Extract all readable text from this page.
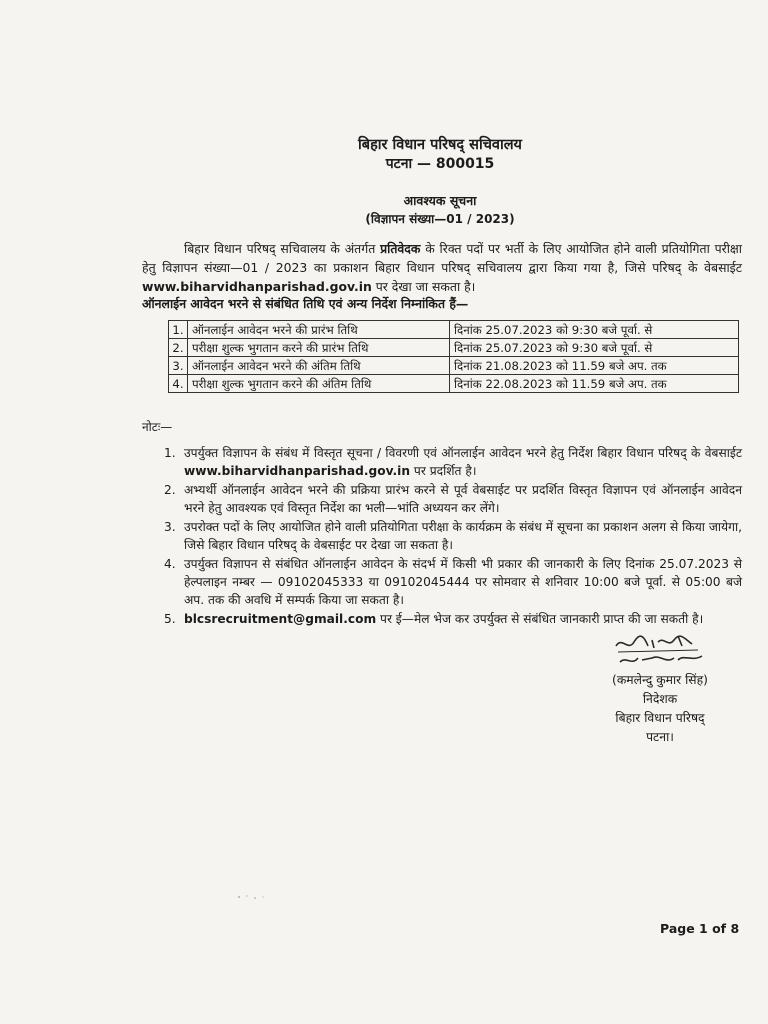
बिहार विधान परिषद् सचिवालय
पटना — 800015
आवश्यक सूचना
(विज्ञापन संख्या—01 / 2023)
बिहार विधान परिषद् सचिवालय के अंतर्गत प्रतिवेदक के रिक्त पदों पर भर्ती के लिए आयोजित होने वाली प्रतियोगिता परीक्षा हेतु विज्ञापन संख्या—01 / 2023 का प्रकाशन बिहार विधान परिषद् सचिवालय द्वारा किया गया है, जिसे परिषद् के वेबसाईट www.biharvidhanparishad.gov.in पर देखा जा सकता है।
ऑनलाईन आवेदन भरने से संबंधित तिथि एवं अन्य निर्देश निम्नांकित हैं—
1.	ऑनलाईन आवेदन भरने की प्रारंभ तिथि	दिनांक 25.07.2023 को 9:30 बजे पूर्वा. से
2.	परीक्षा शुल्क भुगतान करने की प्रारंभ तिथि	दिनांक 25.07.2023 को 9:30 बजे पूर्वा. से
3.	ऑनलाईन आवेदन भरने की अंतिम तिथि	दिनांक 21.08.2023 को 11.59 बजे अप. तक
4.	परीक्षा शुल्क भुगतान करने की अंतिम तिथि	दिनांक 22.08.2023 को 11.59 बजे अप. तक
नोटः—
1. उपर्युक्त विज्ञापन के संबंध में विस्तृत सूचना / विवरणी एवं ऑनलाईन आवेदन भरने हेतु निर्देश बिहार विधान परिषद् के वेबसाईट www.biharvidhanparishad.gov.in पर प्रदर्शित है।
2. अभ्यर्थी ऑनलाईन आवेदन भरने की प्रक्रिया प्रारंभ करने से पूर्व वेबसाईट पर प्रदर्शित विस्तृत विज्ञापन एवं ऑनलाईन आवेदन भरने हेतु आवश्यक एवं विस्तृत निर्देश का भली—भांति अध्ययन कर लेंगे।
3. उपरोक्त पदों के लिए आयोजित होने वाली प्रतियोगिता परीक्षा के कार्यक्रम के संबंध में सूचना का प्रकाशन अलग से किया जायेगा, जिसे बिहार विधान परिषद् के वेबसाईट पर देखा जा सकता है।
4. उपर्युक्त विज्ञापन से संबंधित ऑनलाईन आवेदन के संदर्भ में किसी भी प्रकार की जानकारी के लिए दिनांक 25.07.2023 से हेल्पलाइन नम्बर — 09102045333 या 09102045444 पर सोमवार से शनिवार 10:00 बजे पूर्वा. से 05:00 बजे अप. तक की अवधि में सम्पर्क किया जा सकता है।
5. blcsrecruitment@gmail.com पर ई—मेल भेज कर उपर्युक्त से संबंधित जानकारी प्राप्त की जा सकती है।
(कमलेन्दु कुमार सिंह)
निदेशक
बिहार विधान परिषद्
पटना।
Page 1 of 8
